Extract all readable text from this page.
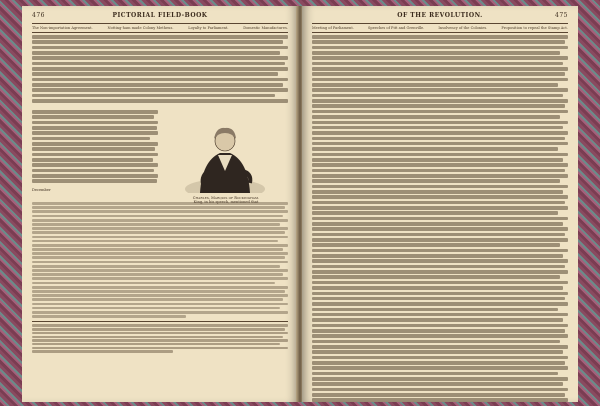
476	PICTORIAL FIELD-BOOK
The Non-importation Agreement.	Notting-ham made Colony Metheus.	Loyalty to Parliament.	Domestic Manufactures.
Charles, Marquis of Rockingham.
King, in his speech, mentioned that
December
OF THE REVOLUTION.	475
Meeting of Parliament.	Speeches of Pitt and Grenville.	Insolvency of the Colonies.	Proposition to repeal the Stamp Act.
